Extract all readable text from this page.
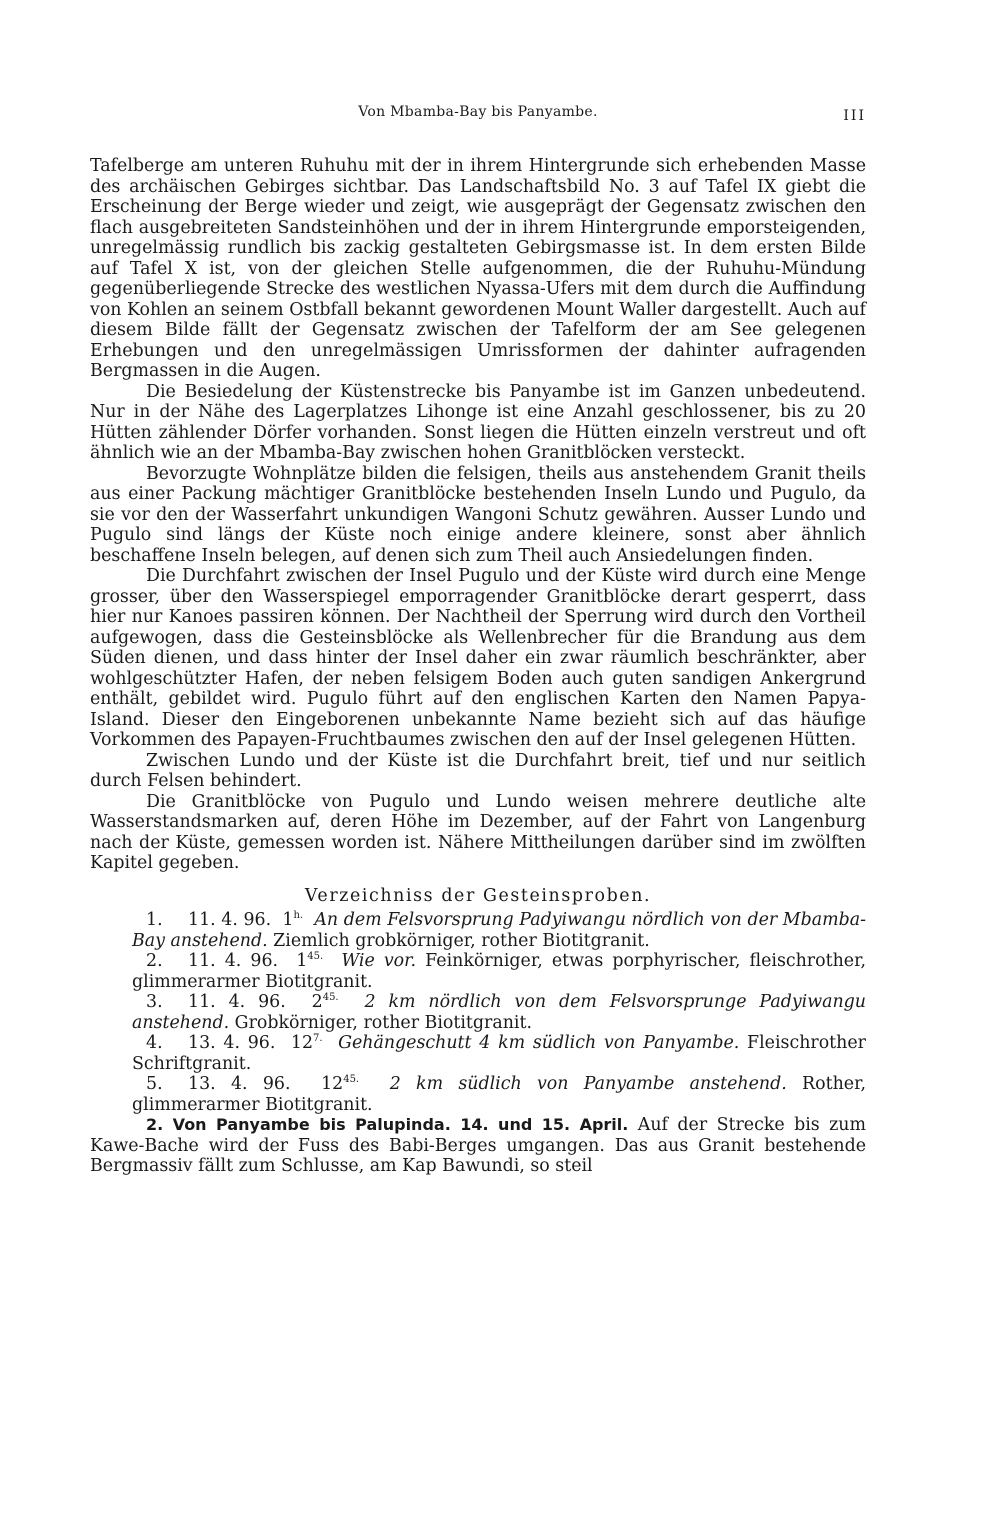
Von Mbamba-Bay bis Panyambe.	III

Tafelberge am unteren Ruhuhu mit der in ihrem Hintergrunde sich erhebenden Masse des archäischen Gebirges sichtbar. Das Landschaftsbild No. 3 auf Tafel IX giebt die Erscheinung der Berge wieder und zeigt, wie ausgeprägt der Gegensatz zwischen den flach ausgebreiteten Sandsteinhöhen und der in ihrem Hintergrunde emporsteigenden, unregelmässig rundlich bis zackig gestalteten Gebirgsmasse ist. In dem ersten Bilde auf Tafel X ist, von der gleichen Stelle aufgenommen, die der Ruhuhu-Mündung gegenüberliegende Strecke des westlichen Nyassa-Ufers mit dem durch die Auffindung von Kohlen an seinem Ostbfall bekannt gewordenen Mount Waller dargestellt. Auch auf diesem Bilde fällt der Gegensatz zwischen der Tafelform der am See gelegenen Erhebungen und den unregelmässigen Umrissformen der dahinter aufragenden Bergmassen in die Augen.

Die Besiedelung der Küstenstrecke bis Panyambe ist im Ganzen unbedeutend. Nur in der Nähe des Lagerplatzes Lihonge ist eine Anzahl geschlossener, bis zu 20 Hütten zählender Dörfer vorhanden. Sonst liegen die Hütten einzeln verstreut und oft ähnlich wie an der Mbamba-Bay zwischen hohen Granitblöcken versteckt.

Bevorzugte Wohnplätze bilden die felsigen, theils aus anstehendem Granit theils aus einer Packung mächtiger Granitblöcke bestehenden Inseln Lundo und Pugulo, da sie vor den der Wasserfahrt unkundigen Wangoni Schutz gewähren. Ausser Lundo und Pugulo sind längs der Küste noch einige andere kleinere, sonst aber ähnlich beschaffene Inseln belegen, auf denen sich zum Theil auch Ansiedelungen finden.

Die Durchfahrt zwischen der Insel Pugulo und der Küste wird durch eine Menge grosser, über den Wasserspiegel emporragender Granitblöcke derart gesperrt, dass hier nur Kanoes passiren können. Der Nachtheil der Sperrung wird durch den Vortheil aufgewogen, dass die Gesteinsblöcke als Wellenbrecher für die Brandung aus dem Süden dienen, und dass hinter der Insel daher ein zwar räumlich beschränkter, aber wohlgeschützter Hafen, der neben felsigem Boden auch guten sandigen Ankergrund enthält, gebildet wird. Pugulo führt auf den englischen Karten den Namen Papya-Island. Dieser den Eingeborenen unbekannte Name bezieht sich auf das häufige Vorkommen des Papayen-Fruchtbaumes zwischen den auf der Insel gelegenen Hütten.

Zwischen Lundo und der Küste ist die Durchfahrt breit, tief und nur seitlich durch Felsen behindert.

Die Granitblöcke von Pugulo und Lundo weisen mehrere deutliche alte Wasserstandsmarken auf, deren Höhe im Dezember, auf der Fahrt von Langenburg nach der Küste, gemessen worden ist. Nähere Mittheilungen darüber sind im zwölften Kapitel gegeben.

Verzeichniss der Gesteinsproben.

1. 11. 4. 96. $1^{h.}$ An dem Felsvorsprung Padyiwangu nördlich von der Mbamba-Bay anstehend. Ziemlich grobkörniger, rother Biotitgranit.

2. 11. 4. 96. $1^{45.}$ Wie vor. Feinkörniger, etwas porphyrischer, fleischrother, glimmerarmer Biotitgranit.

3. 11. 4. 96. $2^{45.}$ 2 km nördlich von dem Felsvorsprunge Padyiwangu anstehend. Grobkörniger, rother Biotitgranit.

4. 13. 4. 96. $12^{7.}$ Gehängeschutt 4 km südlich von Panyambe. Fleischrother Schriftgranit.

5. 13. 4. 96. $12^{45.}$ 2 km südlich von Panyambe anstehend. Rother, glimmerarmer Biotitgranit.

2. Von Panyambe bis Palupinda. 14. und 15. April. Auf der Strecke bis zum Kawe-Bache wird der Fuss des Babi-Berges umgangen. Das aus Granit bestehende Bergmassiv fällt zum Schlusse, am Kap Bawundi, so steil
